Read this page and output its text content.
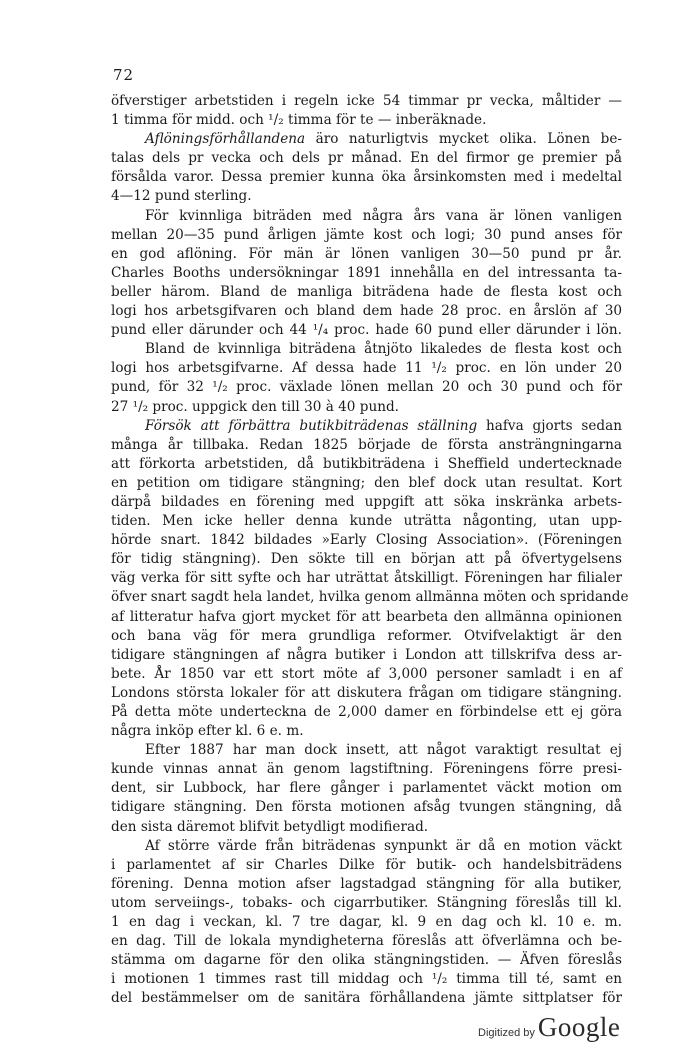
72
öfverstiger arbetstiden i regeln icke 54 timmar pr vecka, måltider —
1 timma för midd. och ¹/₂ timma för te — inberäknade.
Aflöningsförhållandena äro naturligtvis mycket olika. Lönen be-
talas dels pr vecka och dels pr månad. En del firmor ge premier på
försålda varor. Dessa premier kunna öka årsinkomsten med i medeltal
4—12 pund sterling.
För kvinnliga biträden med några års vana är lönen vanligen
mellan 20—35 pund årligen jämte kost och logi; 30 pund anses för
en god aflöning. För män är lönen vanligen 30—50 pund pr år.
Charles Booths undersökningar 1891 innehålla en del intressanta ta-
beller härom. Bland de manliga biträdena hade de flesta kost och
logi hos arbetsgifvaren och bland dem hade 28 proc. en årslön af 30
pund eller därunder och 44 ¹/₄ proc. hade 60 pund eller därunder i lön.
Bland de kvinnliga biträdena åtnjöto likaledes de flesta kost och
logi hos arbetsgifvarne. Af dessa hade 11 ¹/₂ proc. en lön under 20
pund, för 32 ¹/₂ proc. växlade lönen mellan 20 och 30 pund och för
27 ¹/₂ proc. uppgick den till 30 à 40 pund.
Försök att förbättra butikbiträdenas ställning hafva gjorts sedan
många år tillbaka. Redan 1825 började de första ansträngningarna
att förkorta arbetstiden, då butikbiträdena i Sheffield undertecknade
en petition om tidigare stängning; den blef dock utan resultat. Kort
därpå bildades en förening med uppgift att söka inskränka arbets-
tiden. Men icke heller denna kunde uträtta någonting, utan upp-
hörde snart. 1842 bildades »Early Closing Association». (Föreningen
för tidig stängning). Den sökte till en början att på öfvertygelsens
väg verka för sitt syfte och har uträttat åtskilligt. Föreningen har filialer
öfver snart sagdt hela landet, hvilka genom allmänna möten och spridande
af litteratur hafva gjort mycket för att bearbeta den allmänna opinionen
och bana väg för mera grundliga reformer. Otvifvelaktigt är den
tidigare stängningen af några butiker i London att tillskrifva dess ar-
bete. År 1850 var ett stort möte af 3,000 personer samladt i en af
Londons största lokaler för att diskutera frågan om tidigare stängning.
På detta möte underteckna de 2,000 damer en förbindelse ett ej göra
några inköp efter kl. 6 e. m.
Efter 1887 har man dock insett, att något varaktigt resultat ej
kunde vinnas annat än genom lagstiftning. Föreningens förre presi-
dent, sir Lubbock, har flere gånger i parlamentet väckt motion om
tidigare stängning. Den första motionen afsåg tvungen stängning, då
den sista däremot blifvit betydligt modifierad.
Af större värde från biträdenas synpunkt är då en motion väckt
i parlamentet af sir Charles Dilke för butik- och handelsbiträdens
förening. Denna motion afser lagstadgad stängning för alla butiker,
utom serveiings-, tobaks- och cigarrbutiker. Stängning föreslås till kl.
1 en dag i veckan, kl. 7 tre dagar, kl. 9 en dag och kl. 10 e. m.
en dag. Till de lokala myndigheterna föreslås att öfverlämna och be-
stämma om dagarne för den olika stängningstiden. — Äfven föreslås
i motionen 1 timmes rast till middag och ¹/₂ timma till té, samt en
del bestämmelser om de sanitära förhållandena jämte sittplatser för
Digitized by Google
